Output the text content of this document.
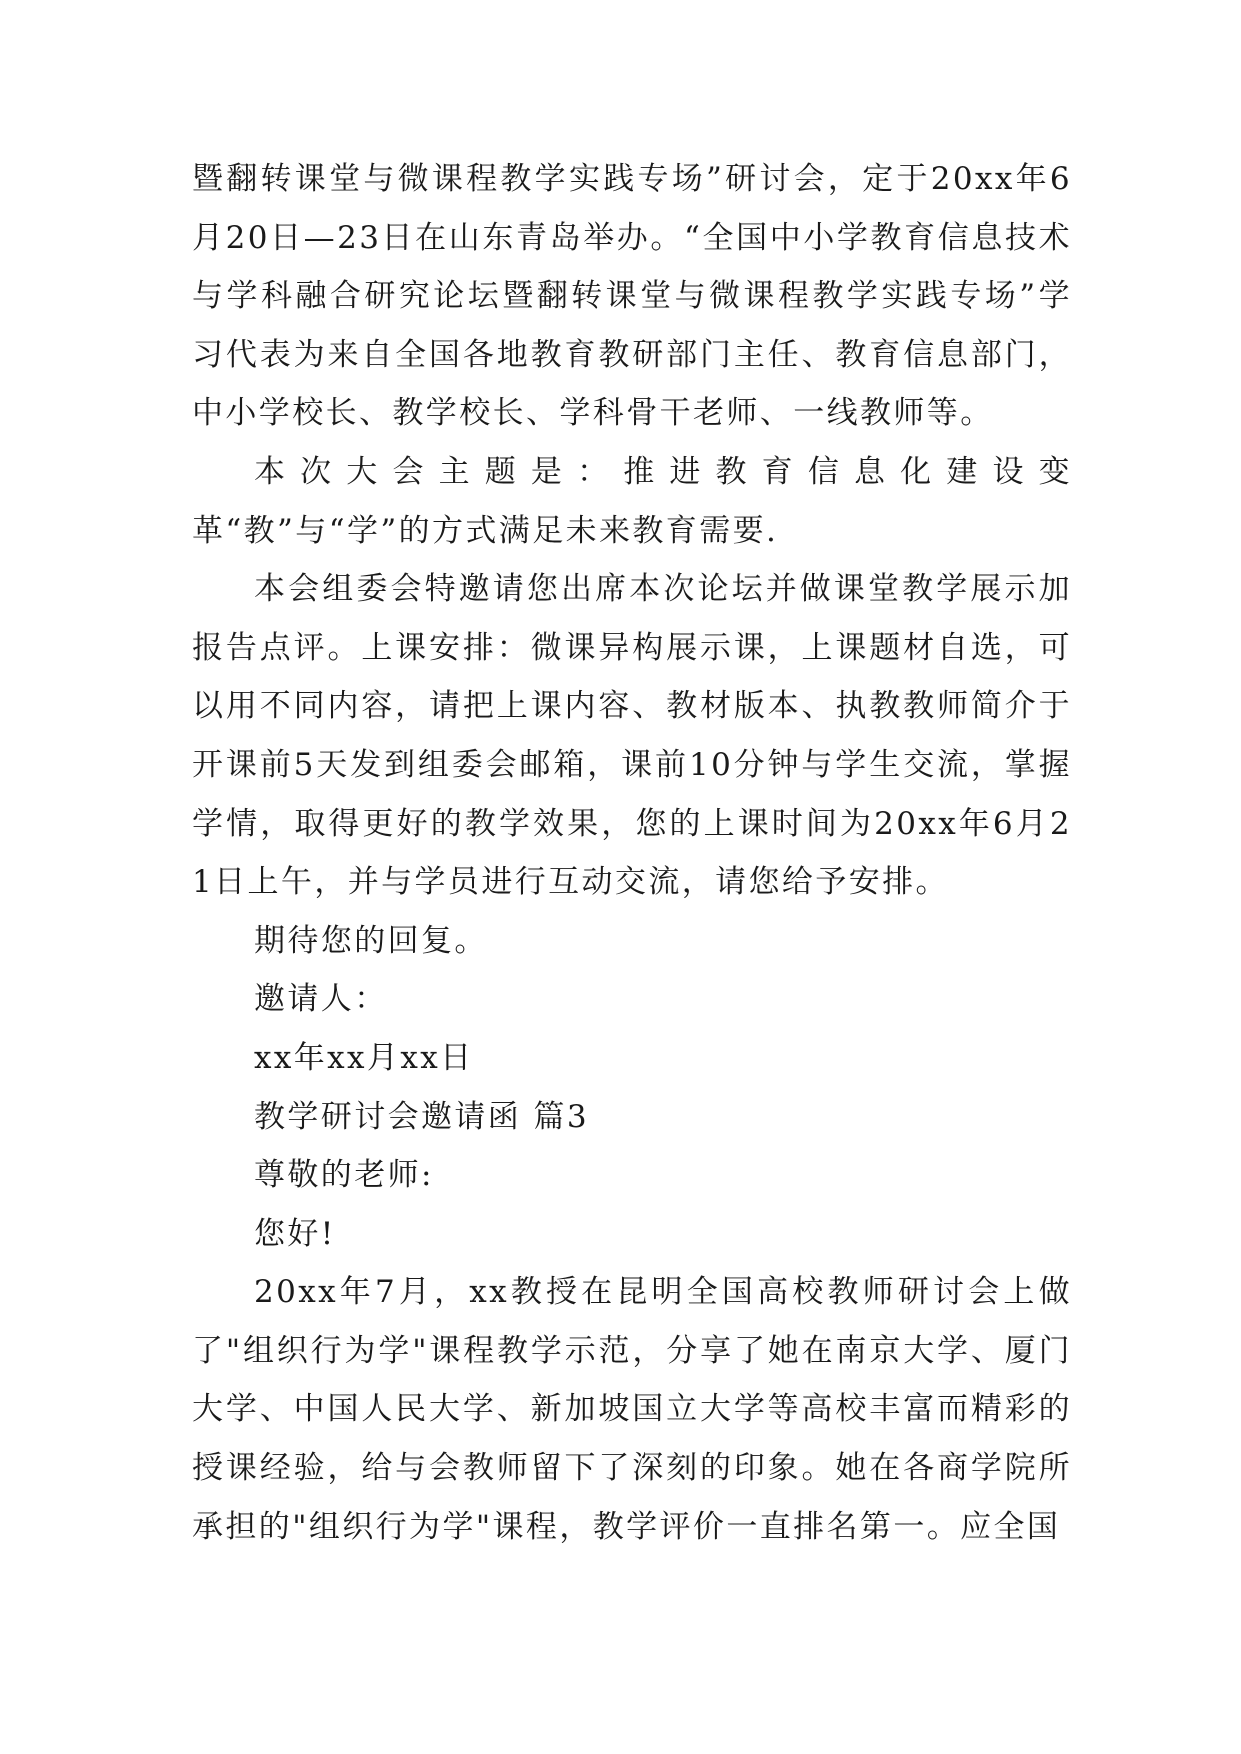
暨翻转课堂与微课程教学实践专场”研讨会，定于20xx年6月20日—23日在山东青岛举办。“全国中小学教育信息技术与学科融合研究论坛暨翻转课堂与微课程教学实践专场”学习代表为来自全国各地教育教研部门主任、教育信息部门，中小学校长、教学校长、学科骨干老师、一线教师等。

本次大会主题是：推进教育信息化建设变革“教”与“学”的方式满足未来教育需要.

本会组委会特邀请您出席本次论坛并做课堂教学展示加报告点评。上课安排：微课异构展示课，上课题材自选，可以用不同内容，请把上课内容、教材版本、执教教师简介于开课前5天发到组委会邮箱，课前10分钟与学生交流，掌握学情，取得更好的教学效果，您的上课时间为20xx年6月21日上午，并与学员进行互动交流，请您给予安排。

期待您的回复。

邀请人：

xx年xx月xx日

教学研讨会邀请函 篇3

尊敬的老师:

您好!

20xx年7月，xx教授在昆明全国高校教师研讨会上做了"组织行为学"课程教学示范，分享了她在南京大学、厦门大学、中国人民大学、新加坡国立大学等高校丰富而精彩的授课经验，给与会教师留下了深刻的印象。她在各商学院所承担的"组织行为学"课程，教学评价一直排名第一。应全国
